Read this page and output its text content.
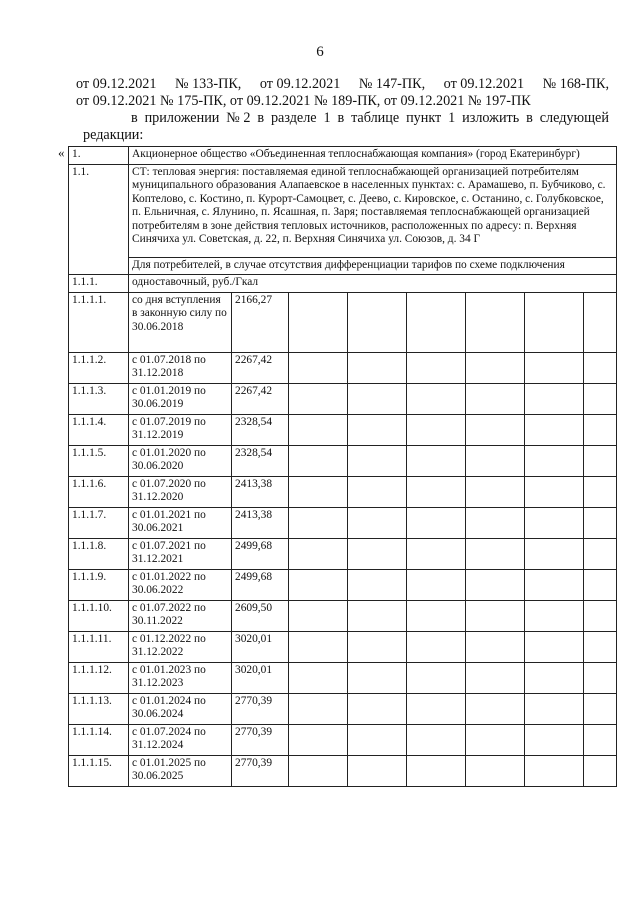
6
от 09.12.2021 № 133-ПК, от 09.12.2021 № 147-ПК, от 09.12.2021 № 168-ПК,
от 09.12.2021 № 175-ПК, от 09.12.2021 № 189-ПК, от 09.12.2021 № 197-ПК
в приложении № 2 в разделе 1 в таблице пункт 1 изложить в следующей
редакции:
« 1.	Акционерное общество «Объединенная теплоснабжающая компания» (город Екатеринбург)							
1.1.	СТ: тепловая энергия: поставляемая единой теплоснабжающей организацией потребителям муниципального образования Алапаевское в населенных пунктах: с. Арамашево, п. Бубчиково, с. Коптелово, с. Костино, п. Курорт-Самоцвет, с. Деево, с. Кировское, с. Останино, с. Голубковское, п. Ельничная, с. Ялунино, п. Ясашная, п. Заря; поставляемая теплоснабжающей организацией потребителям в зоне действия тепловых источников, расположенных по адресу: п. Верхняя Синячиха ул. Советская, д. 22, п. Верхняя Синячиха ул. Союзов, д. 34 Г							
	Для потребителей, в случае отсутствия дифференциации тарифов по схеме подключения							
1.1.1.	одноставочный, руб./Гкал							
1.1.1.1.	со дня вступления в законную силу по 30.06.2018	2166,27						
1.1.1.2.	с 01.07.2018 по 31.12.2018	2267,42						
1.1.1.3.	с 01.01.2019 по 30.06.2019	2267,42						
1.1.1.4.	с 01.07.2019 по 31.12.2019	2328,54						
1.1.1.5.	с 01.01.2020 по 30.06.2020	2328,54						
1.1.1.6.	с 01.07.2020 по 31.12.2020	2413,38						
1.1.1.7.	с 01.01.2021 по 30.06.2021	2413,38						
1.1.1.8.	с 01.07.2021 по 31.12.2021	2499,68						
1.1.1.9.	с 01.01.2022 по 30.06.2022	2499,68						
1.1.1.10.	с 01.07.2022 по 30.11.2022	2609,50						
1.1.1.11.	с 01.12.2022 по 31.12.2022	3020,01						
1.1.1.12.	с 01.01.2023 по 31.12.2023	3020,01						
1.1.1.13.	с 01.01.2024 по 30.06.2024	2770,39						
1.1.1.14.	с 01.07.2024 по 31.12.2024	2770,39						
1.1.1.15.	с 01.01.2025 по 30.06.2025	2770,39						
